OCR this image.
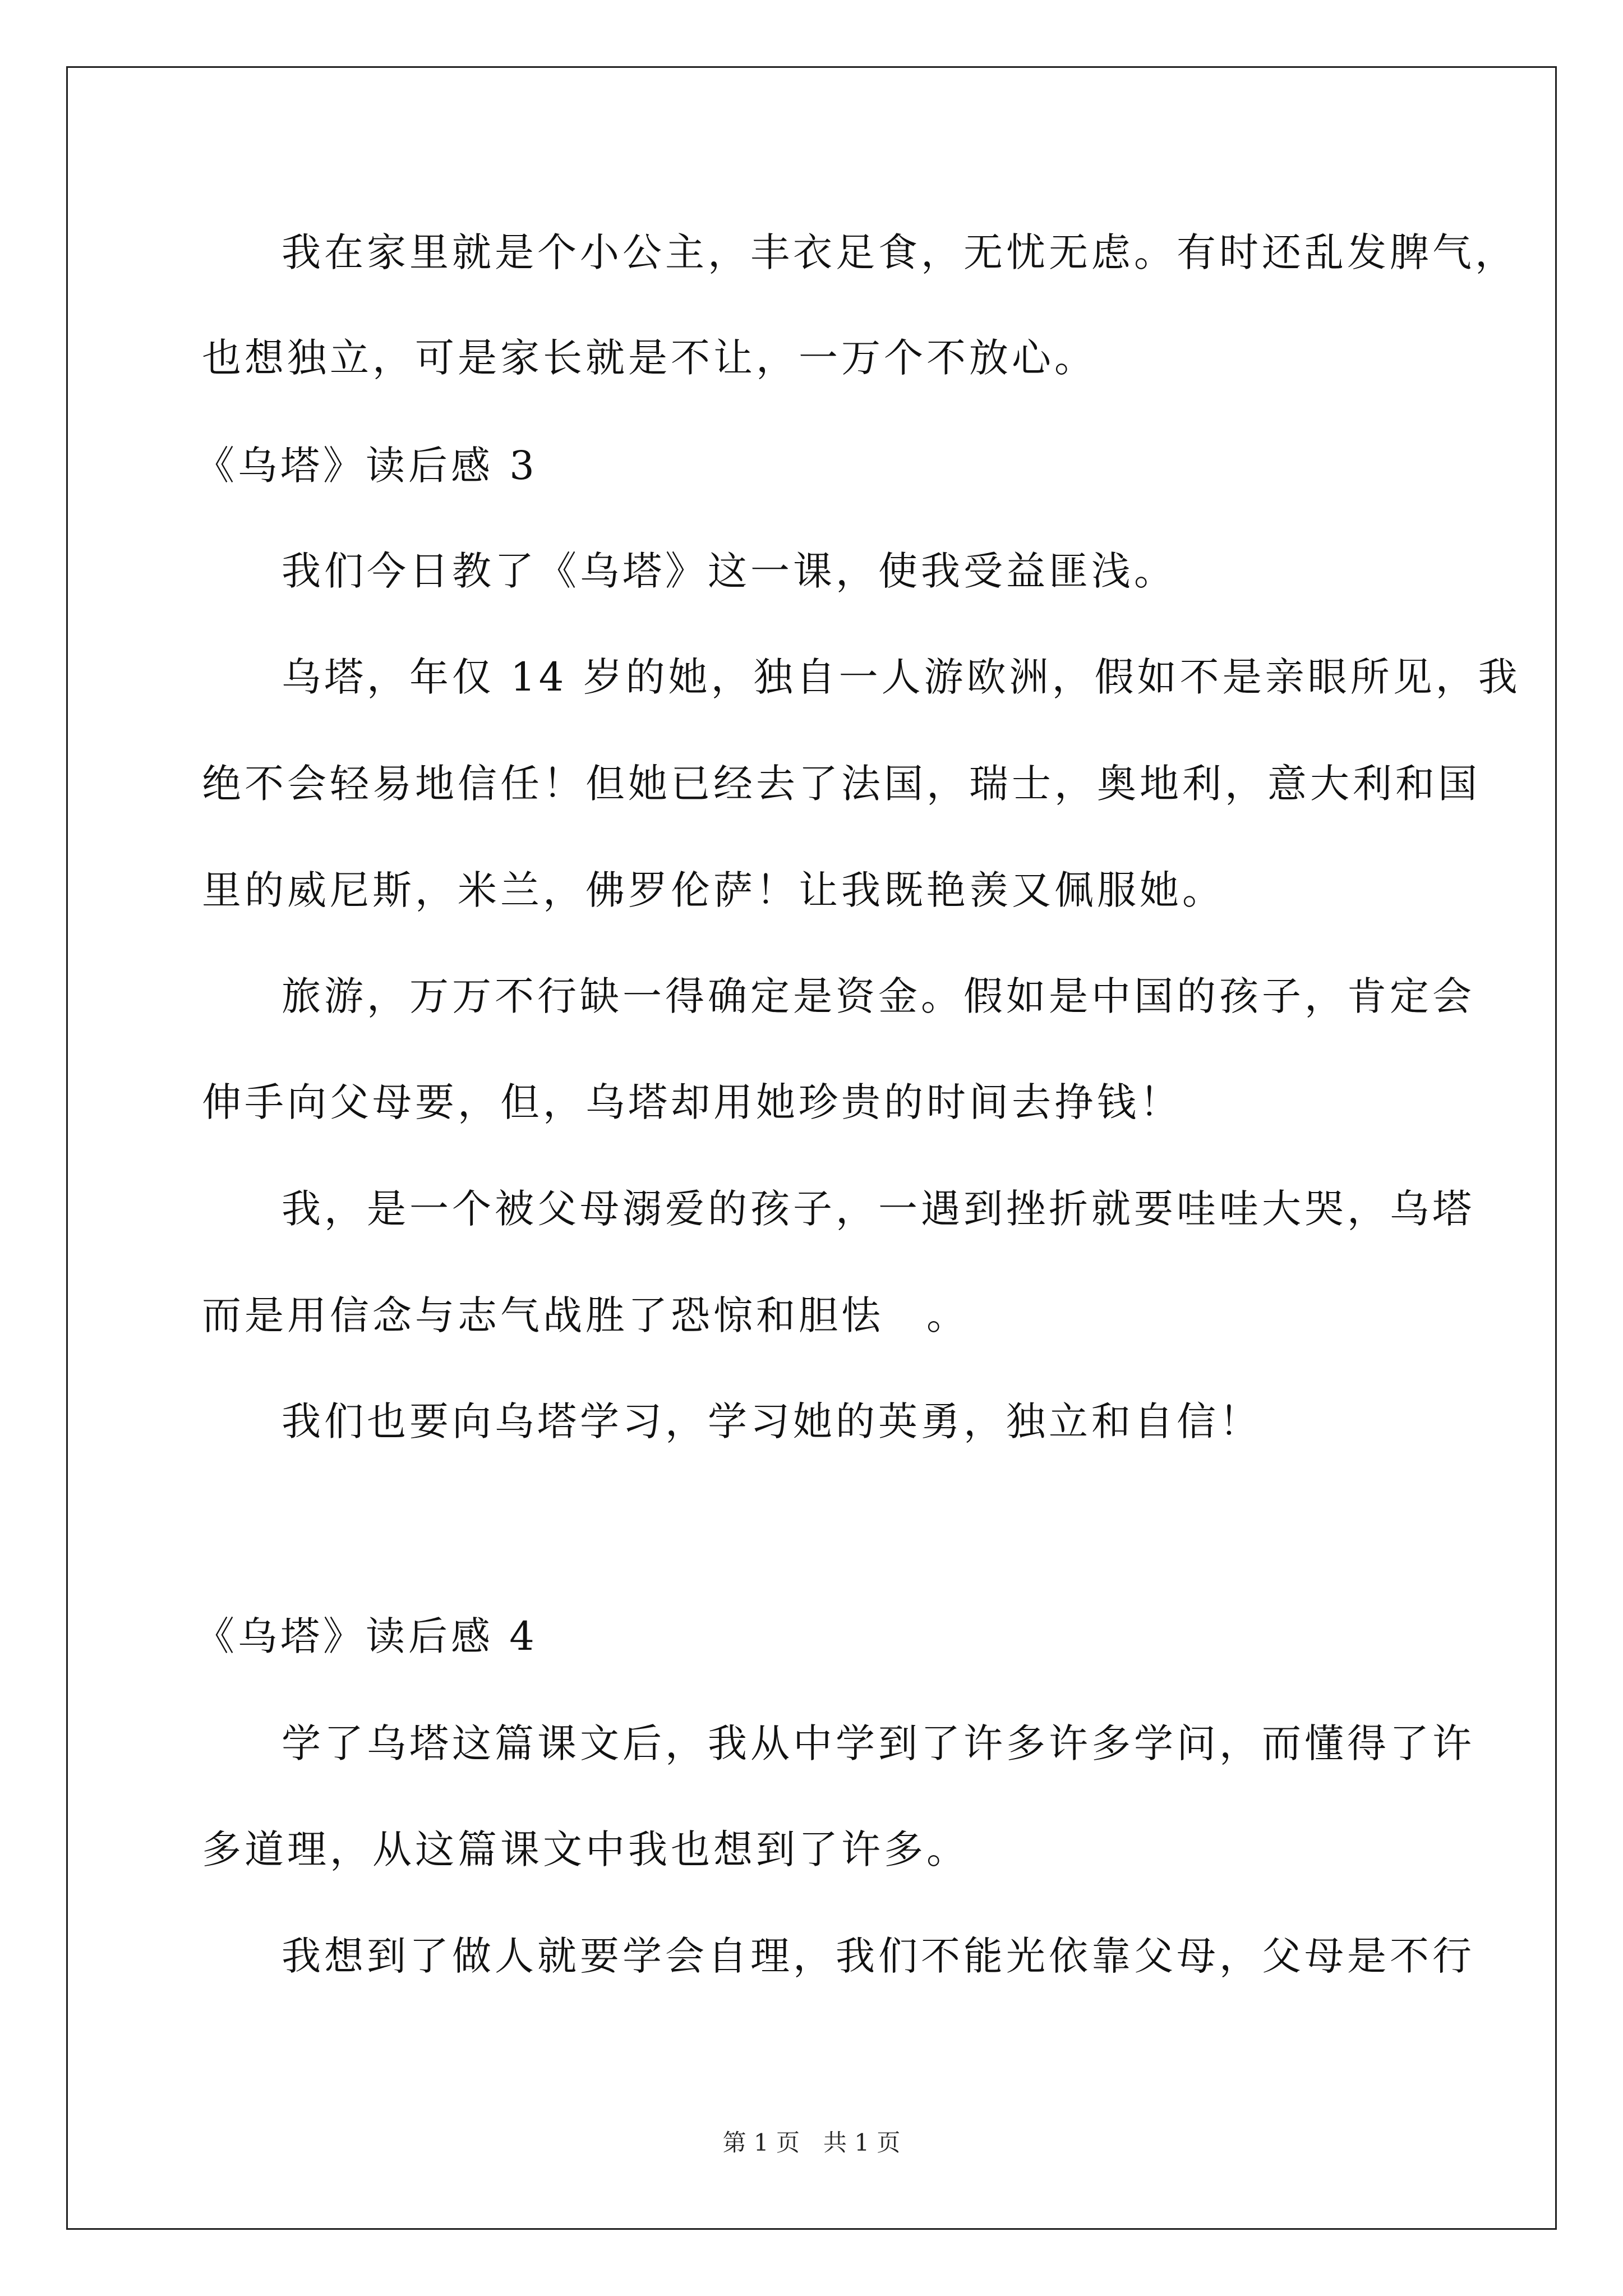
我在家里就是个小公主，丰衣足食，无忧无虑。有时还乱发脾气，
也想独立，可是家长就是不让，一万个不放心。
《乌塔》读后感 3
我们今日教了《乌塔》这一课，使我受益匪浅。
乌塔，年仅 14 岁的她，独自一人游欧洲，假如不是亲眼所见，我
绝不会轻易地信任！但她已经去了法国，瑞士，奥地利，意大利和国
里的威尼斯，米兰，佛罗伦萨！让我既艳羡又佩服她。
旅游，万万不行缺一得确定是资金。假如是中国的孩子，肯定会
伸手向父母要，但，乌塔却用她珍贵的时间去挣钱！
我，是一个被父母溺爱的孩子，一遇到挫折就要哇哇大哭，乌塔
而是用信念与志气战胜了恐惊和胆怯　。
我们也要向乌塔学习，学习她的英勇，独立和自信！
《乌塔》读后感 4
学了乌塔这篇课文后，我从中学到了许多许多学问，而懂得了许
多道理，从这篇课文中我也想到了许多。
我想到了做人就要学会自理，我们不能光依靠父母，父母是不行
第 1 页　共 1 页
